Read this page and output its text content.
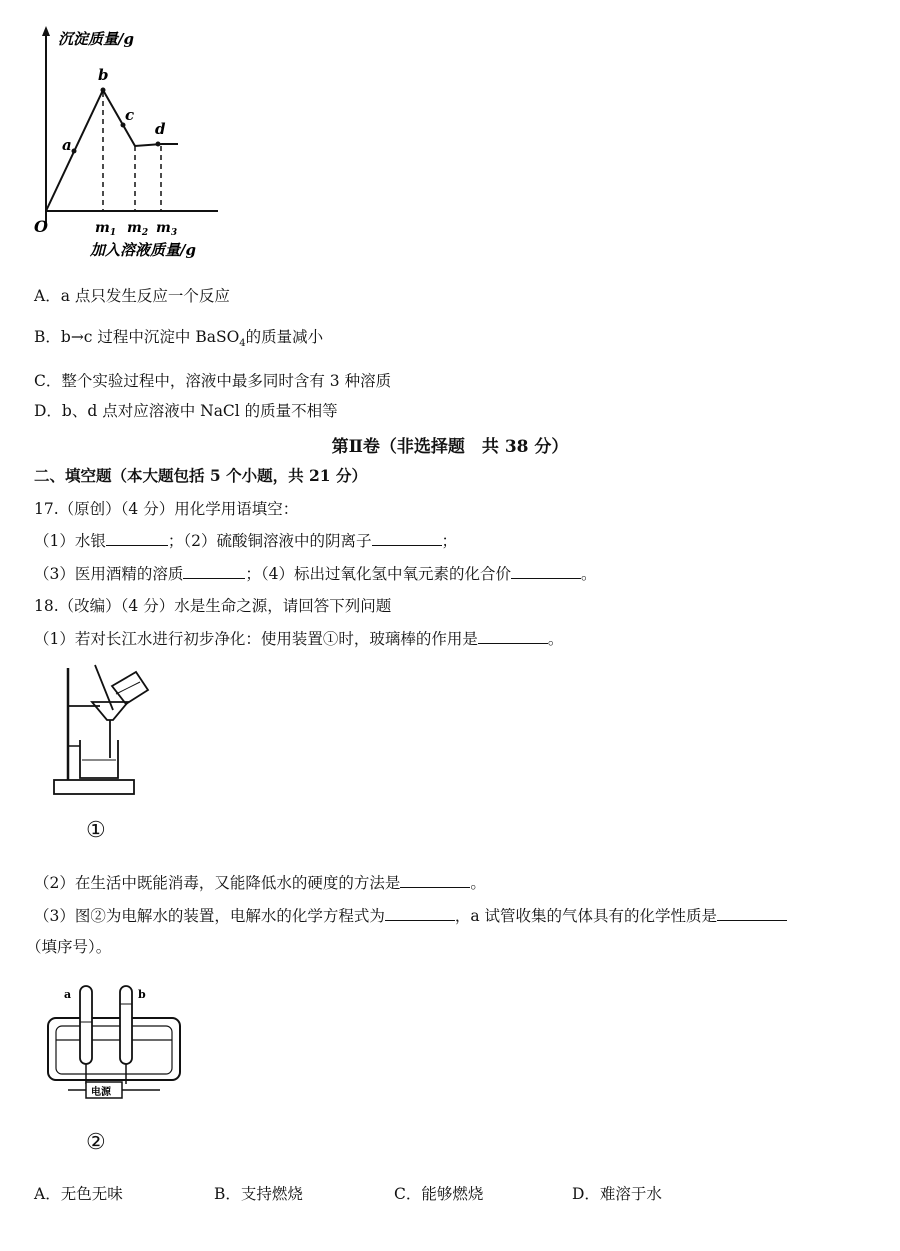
沉淀质量/g
O
a
b
c
d
$m_1$ $m_2$ $m_3$
加入溶液质量/g
A．a 点只发生反应一个反应
B．b→c 过程中沉淀中 BaSO$_4$的质量减小
C．整个实验过程中，溶液中最多同时含有 3 种溶质
D．b、d 点对应溶液中 NaCl 的质量不相等
第Ⅱ卷（非选择题　共 38 分）
二、填空题（本大题包括 5 个小题，共 21 分）
17.（原创）（4 分）用化学用语填空：
（1）水银	；（2）硫酸铜溶液中的阴离子	；
（3）医用酒精的溶质	；（4）标出过氧化氢中氧元素的化合价	。
18.（改编）（4 分）水是生命之源，请回答下列问题
（1）若对长江水进行初步净化：使用装置①时，玻璃棒的作用是	。
①
（2）在生活中既能消毒，又能降低水的硬度的方法是	。
（3）图②为电解水的装置，电解水的化学方程式为	，a 试管收集的气体具有的化学性质是
（填序号）。
a	b
电源
②
A．无色无味	B．支持燃烧	C．能够燃烧	D．难溶于水
